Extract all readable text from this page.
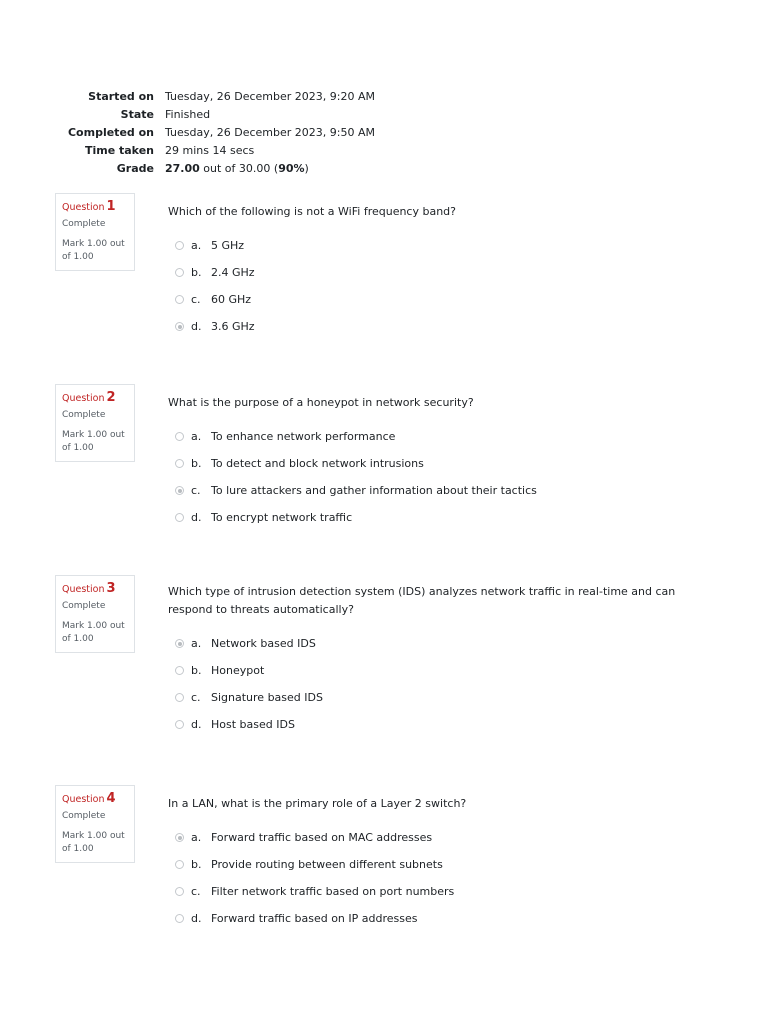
Started on	Tuesday, 26 December 2023, 9:20 AM
State	Finished
Completed on	Tuesday, 26 December 2023, 9:50 AM
Time taken	29 mins 14 secs
Grade	27.00 out of 30.00 (90%)
Question 1
Complete
Mark 1.00 out of 1.00
Which of the following is not a WiFi frequency band?
a. 5 GHz
b. 2.4 GHz
c. 60 GHz
d. 3.6 GHz
Question 2
Complete
Mark 1.00 out of 1.00
What is the purpose of a honeypot in network security?
a. To enhance network performance
b. To detect and block network intrusions
c. To lure attackers and gather information about their tactics
d. To encrypt network traffic
Question 3
Complete
Mark 1.00 out of 1.00
Which type of intrusion detection system (IDS) analyzes network traffic in real-time and can respond to threats automatically?
a. Network based IDS
b. Honeypot
c. Signature based IDS
d. Host based IDS
Question 4
Complete
Mark 1.00 out of 1.00
In a LAN, what is the primary role of a Layer 2 switch?
a. Forward traffic based on MAC addresses
b. Provide routing between different subnets
c. Filter network traffic based on port numbers
d. Forward traffic based on IP addresses
